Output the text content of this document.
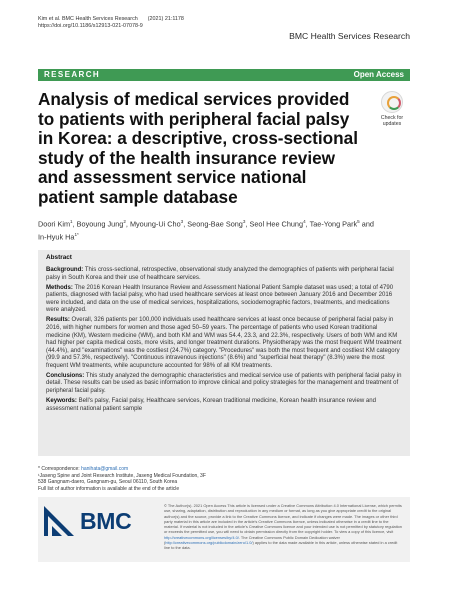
Kim et al. BMC Health Services Research (2021) 21:1178
https://doi.org/10.1186/s12913-021-07078-9
BMC Health Services Research
RESEARCH	Open Access
Analysis of medical services provided to patients with peripheral facial palsy in Korea: a descriptive, cross-sectional study of the health insurance review and assessment service national patient sample database
Check for
updates
Doori Kim$^1$, Boyoung Jung$^2$, Myoung-Ui Cho$^3$, Seong-Bae Song$^3$, Seol Hee Chung$^4$, Tae-Yong Park$^5$ and In-Hyuk $Ha^{1*}$
Abstract

Background: This cross-sectional, retrospective, observational study analyzed the demographics of patients with peripheral facial palsy in South Korea and their use of healthcare services.

Methods: The 2016 Korean Health Insurance Review and Assessment National Patient Sample dataset was used; a total of 4790 patients, diagnosed with facial palsy, who had used healthcare services at least once between January 2016 and December 2016 were included, and data on the use of medical services, hospitalizations, sociodemographic factors, treatments, and medications were analyzed.

Results: Overall, 326 patients per 100,000 individuals used healthcare services at least once because of peripheral facial palsy in 2016, with higher numbers for women and those aged 50–59 years. The percentage of patients who used Korean traditional medicine (KM), Western medicine (WM), and both KM and WM was 54.4, 23.3, and 22.3%, respectively. Users of both WM and KM had higher per capita medical costs, more visits, and longer treatment durations. Physiotherapy was the most frequent WM treatment (44.4%), and "examinations" was the costliest (24.7%) category. "Procedures" was both the most frequent and costliest KM category (99.9 and 57.3%, respectively). "Continuous intravenous injections" (8.6%) and "superficial heat therapy" (8.3%) were the most frequent WM treatments, while acupuncture accounted for 98% of all KM treatments.

Conclusions: This study analyzed the demographic characteristics and medical service use of patients with peripheral facial palsy in detail. These results can be used as basic information to improve clinical and policy strategies for the management and treatment of peripheral facial palsy.

Keywords: Bell's palsy, Facial palsy, Healthcare services, Korean traditional medicine, Korean health insurance review and assessment national patient sample

* Correspondence: hanihata@gmail.com
¹Jaseng Spine and Joint Research Institute, Jaseng Medical Foundation, 3F
538 Gangnam-daero, Gangnam-gu, Seoul 06110, South Korea
Full list of author information is available at the end of the article
BMC
© The Author(s). 2021 Open Access This article is licensed under a Creative Commons Attribution 4.0 International License, which permits use, sharing, adaptation, distribution and reproduction in any medium or format, as long as you give appropriate credit to the original author(s) and the source, provide a link to the Creative Commons licence, and indicate if changes were made. The images or other third party material in this article are included in the article's Creative Commons licence, unless indicated otherwise in a credit line to the material. If material is not included in the article's Creative Commons licence and your intended use is not permitted by statutory regulation or exceeds the permitted use, you will need to obtain permission directly from the copyright holder. To view a copy of this licence, visit http://creativecommons.org/licenses/by/4.0/. The Creative Commons Public Domain Dedication waiver (http://creativecommons.org/publicdomain/zero/1.0/) applies to the data made available in this article, unless otherwise stated in a credit line to the data.
